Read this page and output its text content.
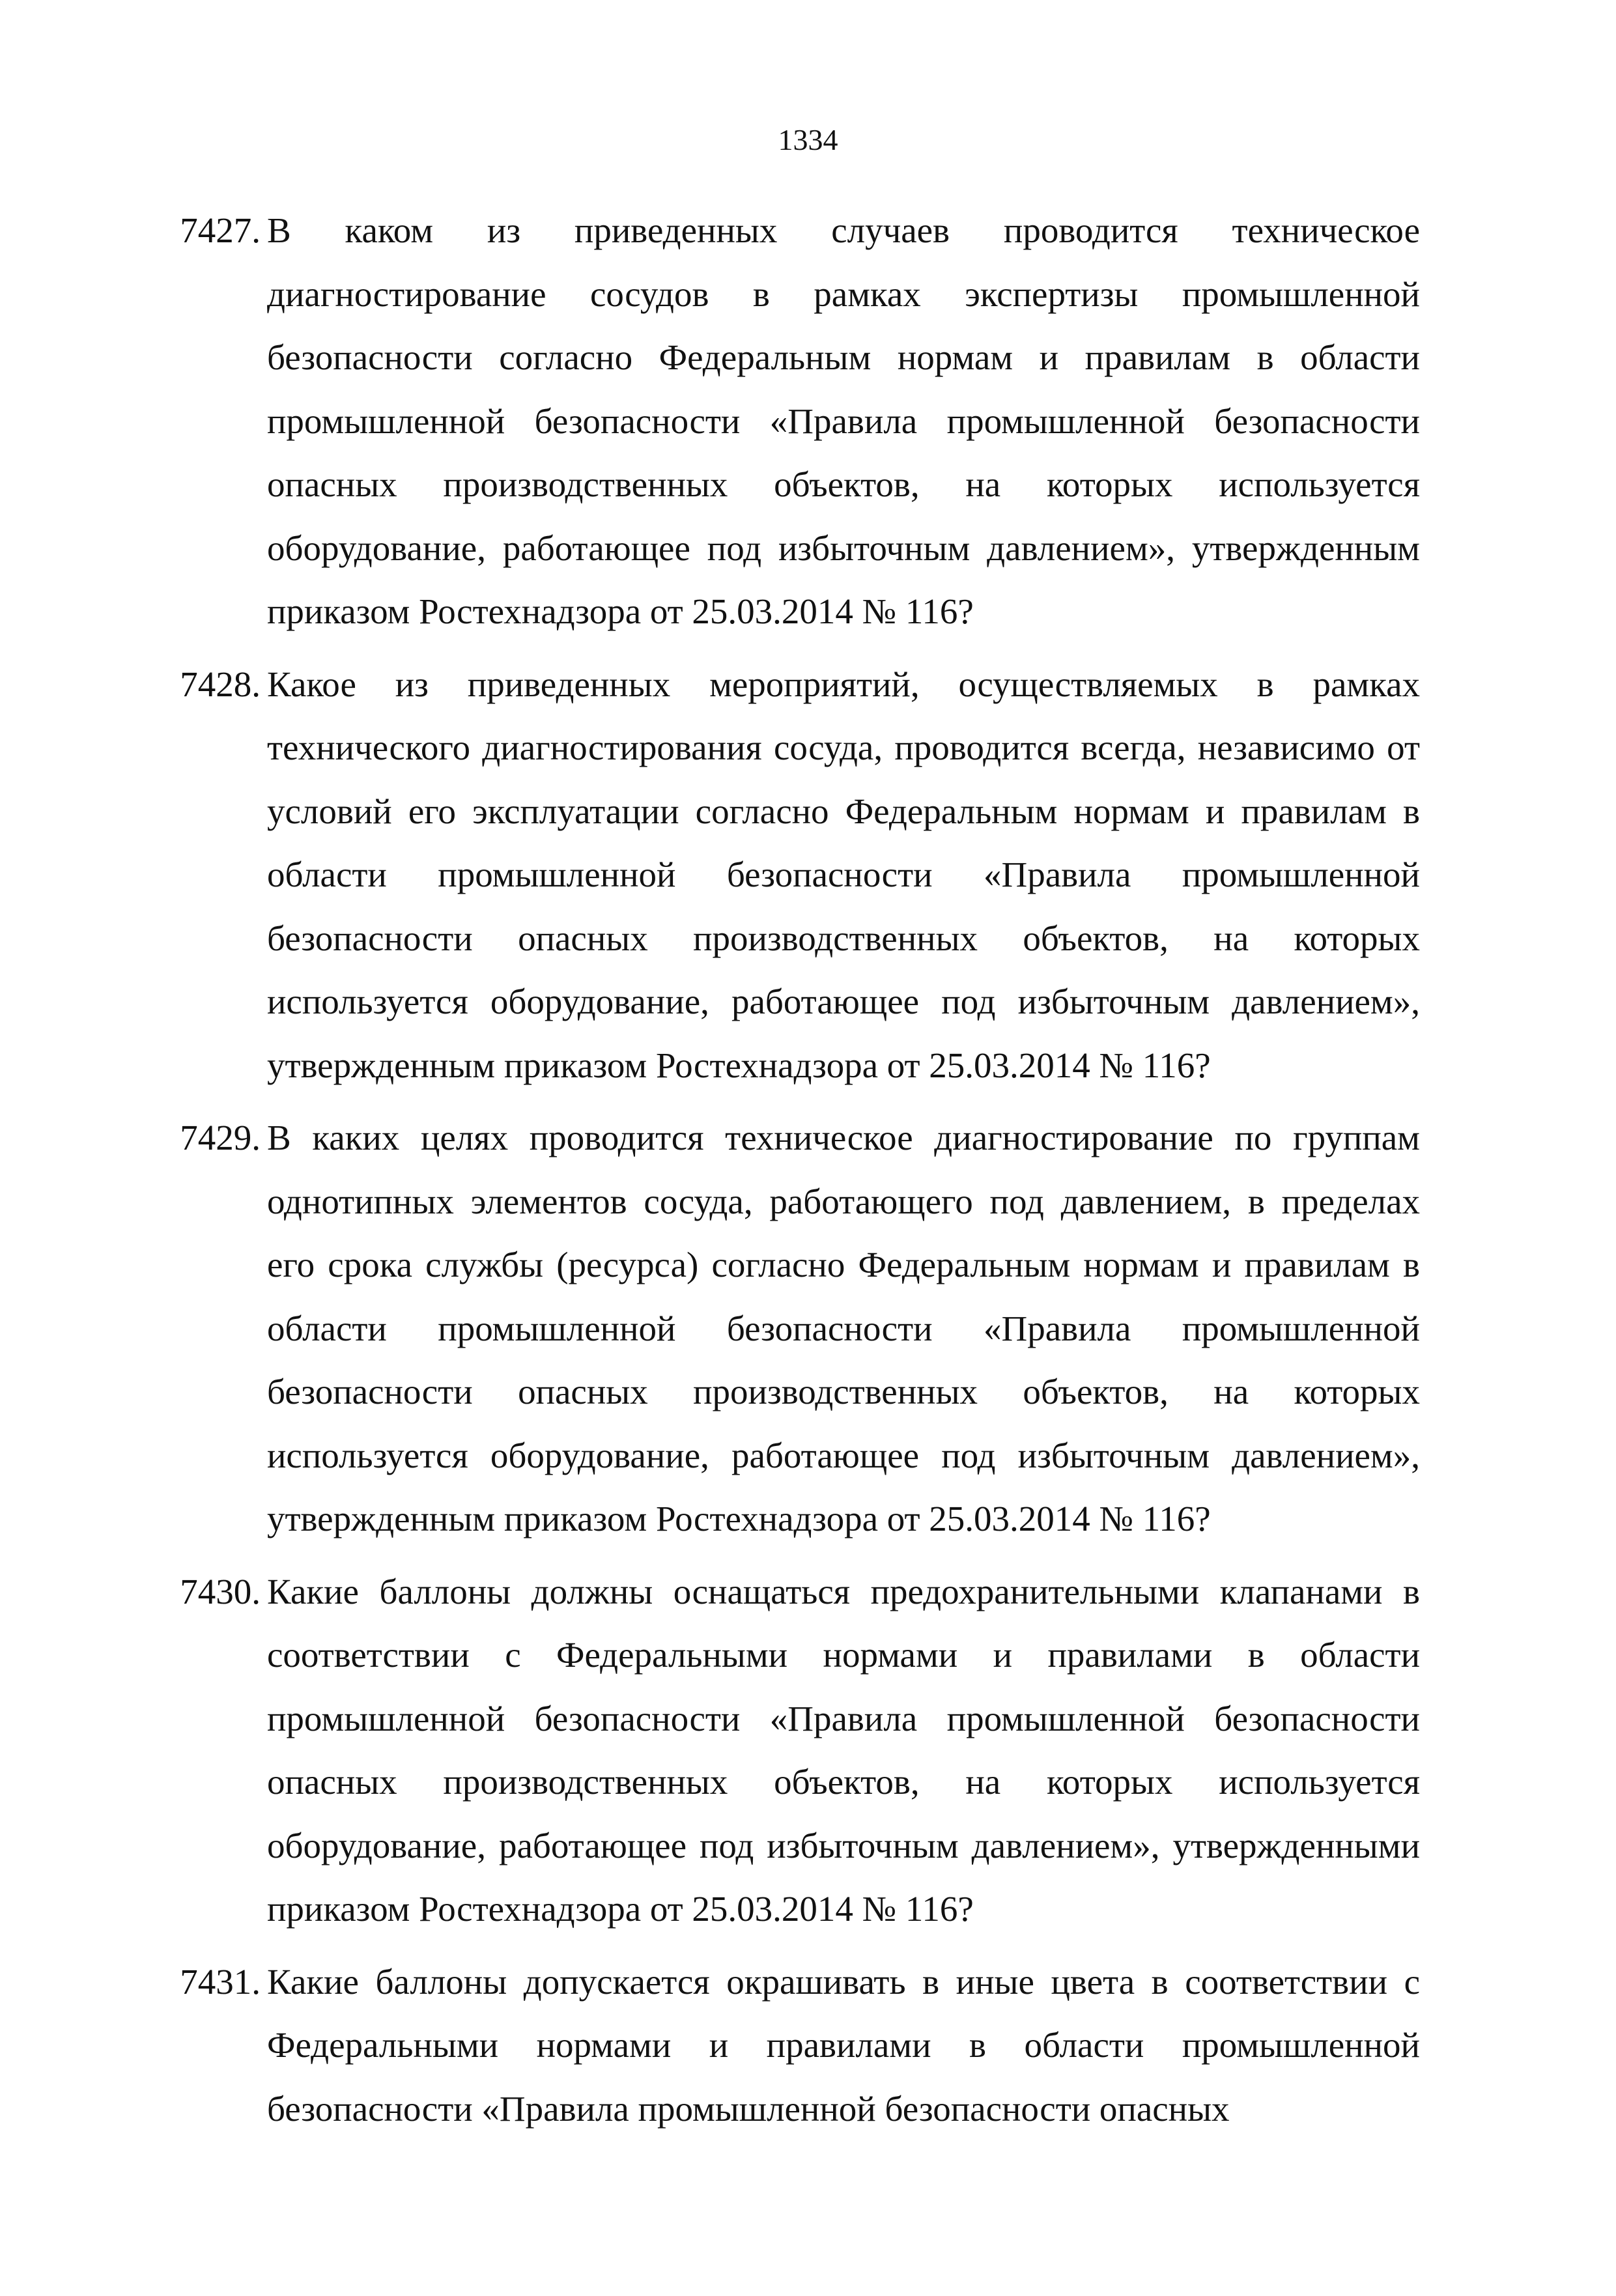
1334
7427. В каком из приведенных случаев проводится техническое диагностирование сосудов в рамках экспертизы промышленной безопасности согласно Федеральным нормам и правилам в области промышленной безопасности «Правила промышленной безопасности опасных производственных объектов, на которых используется оборудование, работающее под избыточным давлением», утвержденным приказом Ростехнадзора от 25.03.2014 № 116?

7428. Какое из приведенных мероприятий, осуществляемых в рамках технического диагностирования сосуда, проводится всегда, независимо от условий его эксплуатации согласно Федеральным нормам и правилам в области промышленной безопасности «Правила промышленной безопасности опасных производственных объектов, на которых используется оборудование, работающее под избыточным давлением», утвержденным приказом Ростехнадзора от 25.03.2014 № 116?

7429. В каких целях проводится техническое диагностирование по группам однотипных элементов сосуда, работающего под давлением, в пределах его срока службы (ресурса) согласно Федеральным нормам и правилам в области промышленной безопасности «Правила промышленной безопасности опасных производственных объектов, на которых используется оборудование, работающее под избыточным давлением», утвержденным приказом Ростехнадзора от 25.03.2014 № 116?

7430. Какие баллоны должны оснащаться предохранительными клапанами в соответствии с Федеральными нормами и правилами в области промышленной безопасности «Правила промышленной безопасности опасных производственных объектов, на которых используется оборудование, работающее под избыточным давлением», утвержденными приказом Ростехнадзора от 25.03.2014 № 116?

7431. Какие баллоны допускается окрашивать в иные цвета в соответствии с Федеральными нормами и правилами в области промышленной безопасности «Правила промышленной безопасности опасных
